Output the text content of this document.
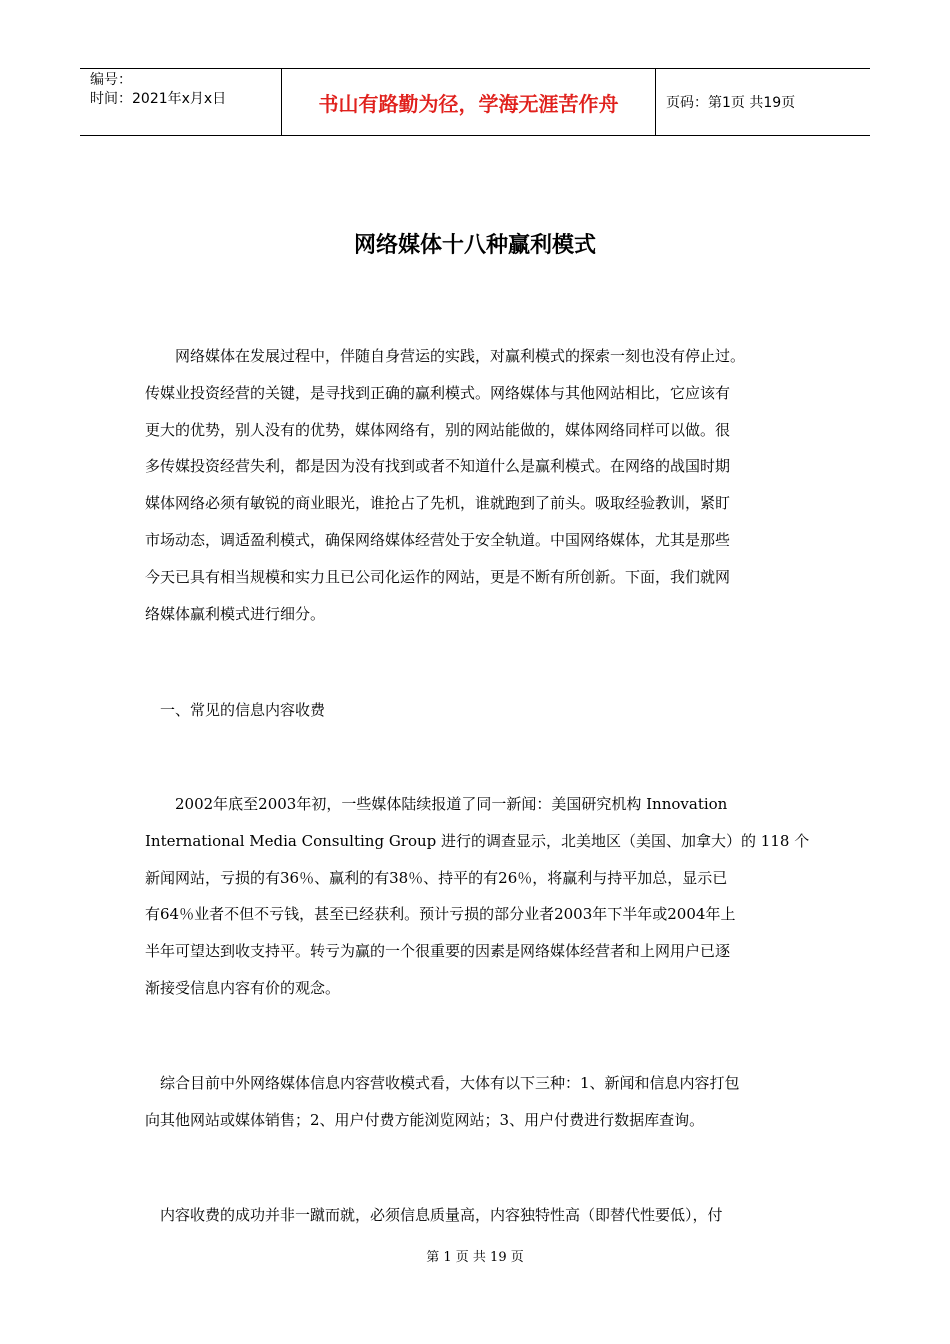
编号：
时间：2021年x月x日	书山有路勤为径，学海无涯苦作舟	页码：第1页 共19页
网络媒体十八种赢利模式
　　网络媒体在发展过程中，伴随自身营运的实践，对赢利模式的探索一刻也没有停止过。
传媒业投资经营的关键，是寻找到正确的赢利模式。网络媒体与其他网站相比，它应该有
更大的优势，别人没有的优势，媒体网络有，别的网站能做的，媒体网络同样可以做。很
多传媒投资经营失利，都是因为没有找到或者不知道什么是赢利模式。在网络的战国时期
媒体网络必须有敏锐的商业眼光，谁抢占了先机，谁就跑到了前头。吸取经验教训，紧盯
市场动态，调适盈利模式，确保网络媒体经营处于安全轨道。中国网络媒体，尤其是那些
今天已具有相当规模和实力且已公司化运作的网站，更是不断有所创新。下面，我们就网
络媒体赢利模式进行细分。
　一、常见的信息内容收费
　　2002年底至2003年初，一些媒体陆续报道了同一新闻：美国研究机构 Innovation
International Media Consulting Group 进行的调查显示，北美地区（美国、加拿大）的 118 个
新闻网站，亏损的有36％、赢利的有38％、持平的有26％，将赢利与持平加总，显示已
有64％业者不但不亏钱，甚至已经获利。预计亏损的部分业者2003年下半年或2004年上
半年可望达到收支持平。转亏为赢的一个很重要的因素是网络媒体经营者和上网用户已逐
渐接受信息内容有价的观念。
　综合目前中外网络媒体信息内容营收模式看，大体有以下三种：1、新闻和信息内容打包
向其他网站或媒体销售；2、用户付费方能浏览网站；3、用户付费进行数据库查询。
　内容收费的成功并非一蹴而就，必须信息质量高，内容独特性高（即替代性要低），付
第 1 页 共 19 页
